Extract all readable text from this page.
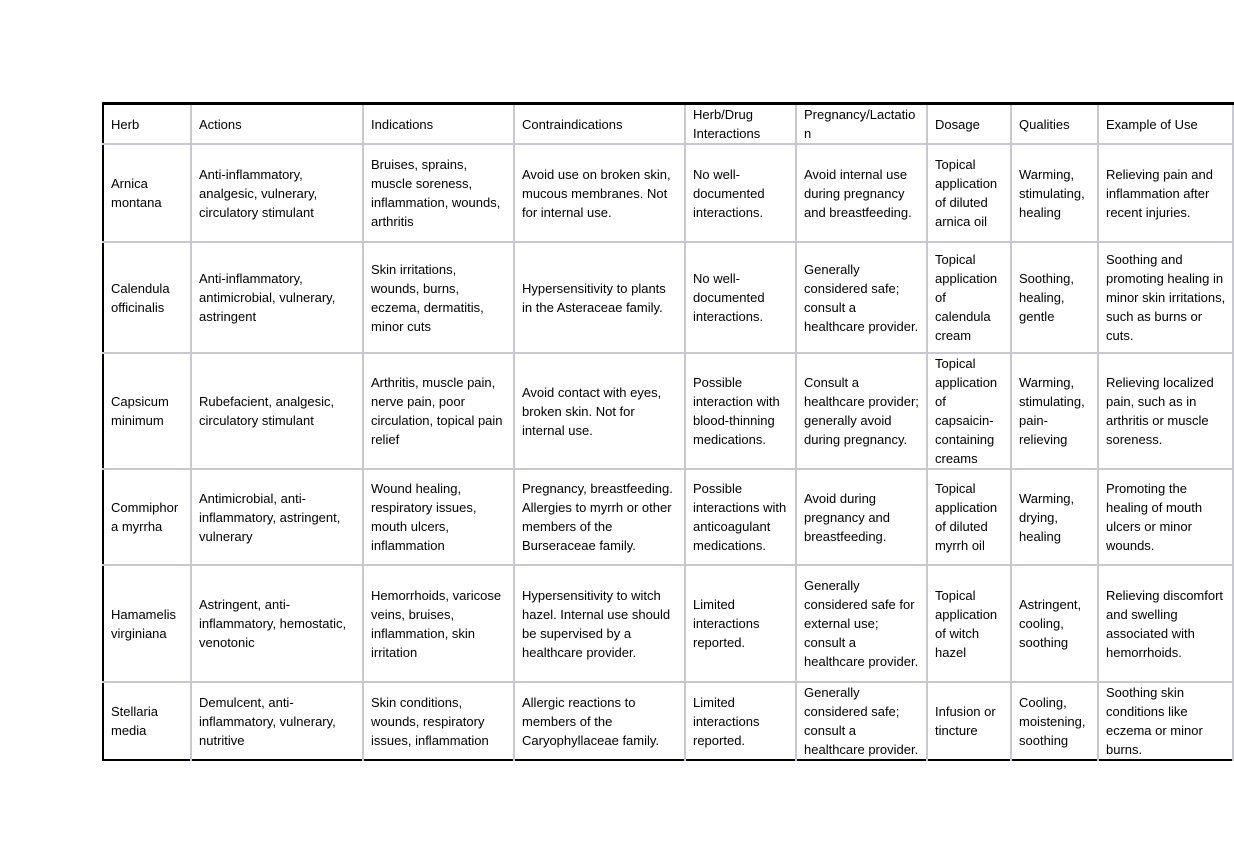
Herb	Actions	Indications	Contraindications	Herb/Drug Interactions	Pregnancy/Lactation	Dosage	Qualities	Example of Use
Arnica montana	Anti-inflammatory, analgesic, vulnerary, circulatory stimulant	Bruises, sprains, muscle soreness, inflammation, wounds, arthritis	Avoid use on broken skin, mucous membranes. Not for internal use.	No well-documented interactions.	Avoid internal use during pregnancy and breastfeeding.	Topical application of diluted arnica oil	Warming, stimulating, healing	Relieving pain and inflammation after recent injuries.
Calendula officinalis	Anti-inflammatory, antimicrobial, vulnerary, astringent	Skin irritations, wounds, burns, eczema, dermatitis, minor cuts	Hypersensitivity to plants in the Asteraceae family.	No well-documented interactions.	Generally considered safe; consult a healthcare provider.	Topical application of calendula cream	Soothing, healing, gentle	Soothing and promoting healing in minor skin irritations, such as burns or cuts.
Capsicum minimum	Rubefacient, analgesic, circulatory stimulant	Arthritis, muscle pain, nerve pain, poor circulation, topical pain relief	Avoid contact with eyes, broken skin. Not for internal use.	Possible interaction with blood-thinning medications.	Consult a healthcare provider; generally avoid during pregnancy.	Topical application of capsaicin-containing creams	Warming, stimulating, pain-relieving	Relieving localized pain, such as in arthritis or muscle soreness.
Commiphora myrrha	Antimicrobial, anti-inflammatory, astringent, vulnerary	Wound healing, respiratory issues, mouth ulcers, inflammation	Pregnancy, breastfeeding. Allergies to myrrh or other members of the Burseraceae family.	Possible interactions with anticoagulant medications.	Avoid during pregnancy and breastfeeding.	Topical application of diluted myrrh oil	Warming, drying, healing	Promoting the healing of mouth ulcers or minor wounds.
Hamamelis virginiana	Astringent, anti-inflammatory, hemostatic, venotonic	Hemorrhoids, varicose veins, bruises, inflammation, skin irritation	Hypersensitivity to witch hazel. Internal use should be supervised by a healthcare provider.	Limited interactions reported.	Generally considered safe for external use; consult a healthcare provider.	Topical application of witch hazel	Astringent, cooling, soothing	Relieving discomfort and swelling associated with hemorrhoids.
Stellaria media	Demulcent, anti-inflammatory, vulnerary, nutritive	Skin conditions, wounds, respiratory issues, inflammation	Allergic reactions to members of the Caryophyllaceae family.	Limited interactions reported.	Generally considered safe; consult a healthcare provider.	Infusion or tincture	Cooling, moistening, soothing	Soothing skin conditions like eczema or minor burns.
